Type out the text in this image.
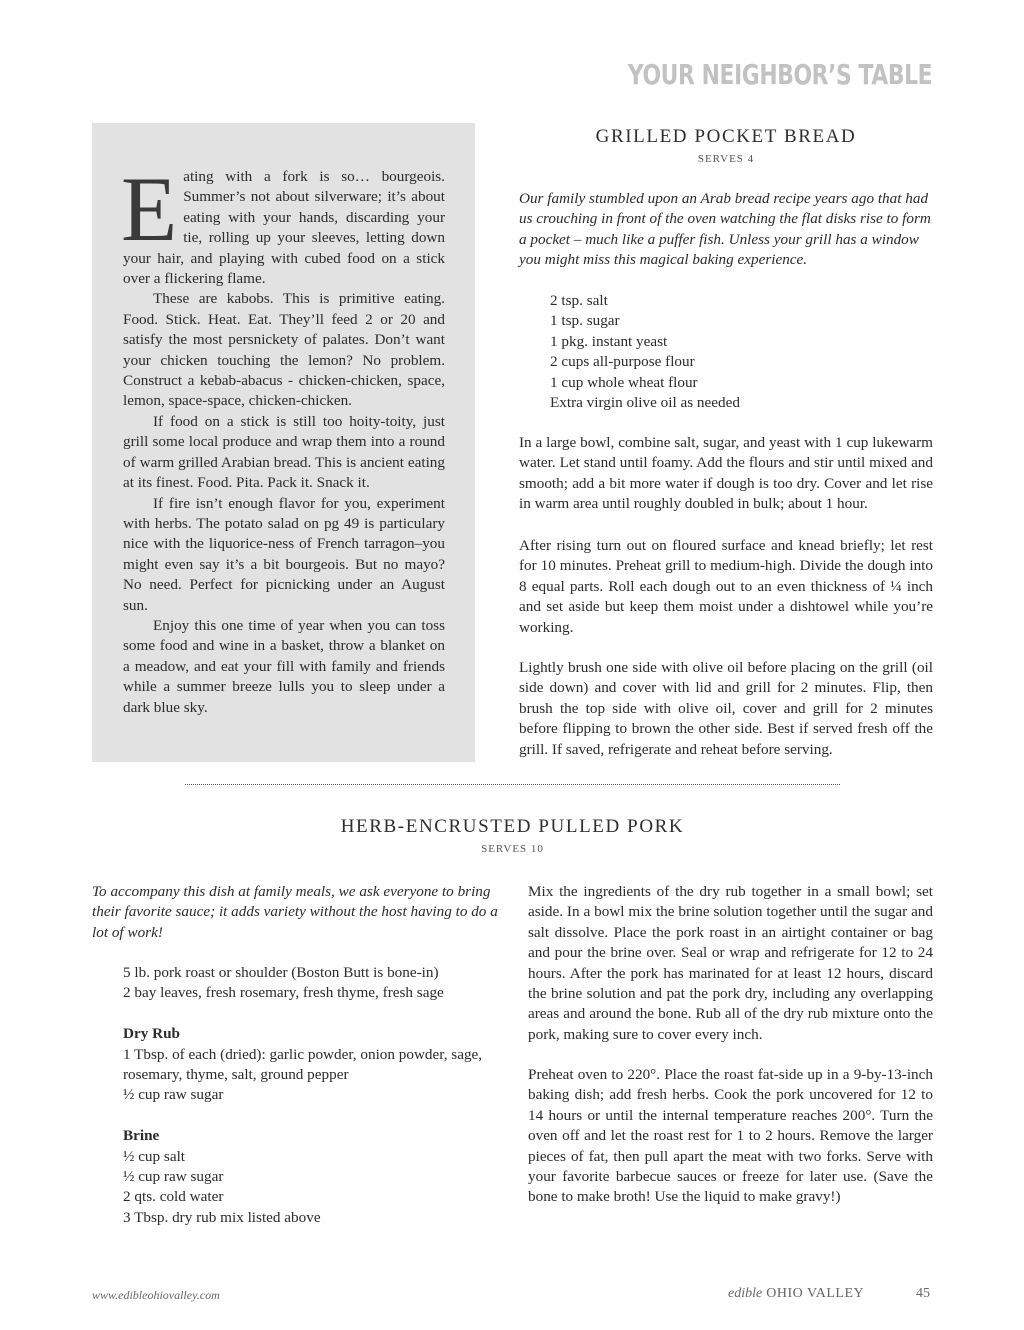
YOUR NEIGHBOR’S TABLE

Eating with a fork is so… bourgeois. Summer’s not about silverware; it’s about eating with your hands, discarding your tie, rolling up your sleeves, letting down your hair, and playing with cubed food on a stick over a flickering flame.

These are kabobs. This is primitive eating. Food. Stick. Heat. Eat. They’ll feed 2 or 20 and satisfy the most persnickety of palates. Don’t want your chicken touching the lemon? No problem. Construct a kebab-abacus - chicken-chicken, space, lemon, space-space, chicken-chicken.

If food on a stick is still too hoity-toity, just grill some local produce and wrap them into a round of warm grilled Arabian bread. This is ancient eating at its finest. Food. Pita. Pack it. Snack it.

If fire isn’t enough flavor for you, experiment with herbs. The potato salad on pg 49 is particulary nice with the liquorice-ness of French tarragon–you might even say it’s a bit bourgeois. But no mayo? No need. Perfect for picnicking under an August sun.

Enjoy this one time of year when you can toss some food and wine in a basket, throw a blanket on a meadow, and eat your fill with family and friends while a summer breeze lulls you to sleep under a dark blue sky.

GRILLED POCKET BREAD
SERVES 4

Our family stumbled upon an Arab bread recipe years ago that had us crouching in front of the oven watching the flat disks rise to form a pocket – much like a puffer fish. Unless your grill has a window you might miss this magical baking experience.

2 tsp. salt
1 tsp. sugar
1 pkg. instant yeast
2 cups all-purpose flour
1 cup whole wheat flour
Extra virgin olive oil as needed

In a large bowl, combine salt, sugar, and yeast with 1 cup lukewarm water. Let stand until foamy. Add the flours and stir until mixed and smooth; add a bit more water if dough is too dry. Cover and let rise in warm area until roughly doubled in bulk; about 1 hour.

After rising turn out on floured surface and knead briefly; let rest for 10 minutes. Preheat grill to medium-high. Divide the dough into 8 equal parts. Roll each dough out to an even thickness of ¼ inch and set aside but keep them moist under a dishtowel while you’re working.

Lightly brush one side with olive oil before placing on the grill (oil side down) and cover with lid and grill for 2 minutes. Flip, then brush the top side with olive oil, cover and grill for 2 minutes before flipping to brown the other side. Best if served fresh off the grill. If saved, refrigerate and reheat before serving.

HERB-ENCRUSTED PULLED PORK
SERVES 10

To accompany this dish at family meals, we ask everyone to bring their favorite sauce; it adds variety without the host having to do a lot of work!

5 lb. pork roast or shoulder (Boston Butt is bone-in)
2 bay leaves, fresh rosemary, fresh thyme, fresh sage
Dry Rub
1 Tbsp. of each (dried): garlic powder, onion powder, sage, rosemary, thyme, salt, ground pepper
½ cup raw sugar
Brine
½ cup salt
½ cup raw sugar
2 qts. cold water
3 Tbsp. dry rub mix listed above

Mix the ingredients of the dry rub together in a small bowl; set aside. In a bowl mix the brine solution together until the sugar and salt dissolve. Place the pork roast in an airtight container or bag and pour the brine over. Seal or wrap and refrigerate for 12 to 24 hours. After the pork has marinated for at least 12 hours, discard the brine solution and pat the pork dry, including any overlapping areas and around the bone. Rub all of the dry rub mixture onto the pork, making sure to cover every inch.

Preheat oven to 220°. Place the roast fat-side up in a 9-by-13-inch baking dish; add fresh herbs. Cook the pork uncovered for 12 to 14 hours or until the internal temperature reaches 200°. Turn the oven off and let the roast rest for 1 to 2 hours. Remove the larger pieces of fat, then pull apart the meat with two forks. Serve with your favorite barbecue sauces or freeze for later use. (Save the bone to make broth! Use the liquid to make gravy!)

www.edibleohiovalley.com	edible OHIO VALLEY	45
